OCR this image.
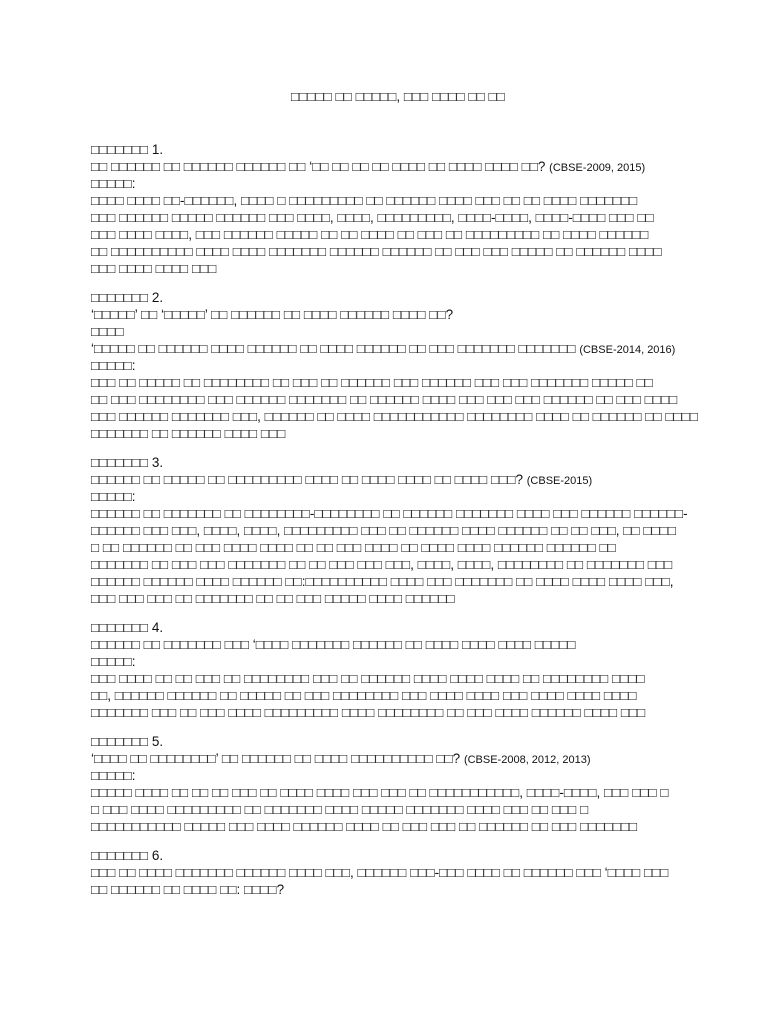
□□□□□ □□ □□□□□, □□□ □□□□ □□ □□
□□□□□□□ 1.
□□ □□□□□□ □□ □□□□□□ □□□□□□ □□ ‘□□ □□ □□ □□ □□□□ □□ □□□□ □□□□ □□? (CBSE-2009, 2015)
□□□□□:
□□□□ □□□□ □□-□□□□□□, □□□□ □ □□□□□□□□□ □□ □□□□□□ □□□□ □□□ □□ □□ □□□□ □□□□□□□
□□□ □□□□□□ □□□□□ □□□□□□ □□□ □□□□, □□□□, □□□□□□□□□, □□□□-□□□□, □□□□-□□□□ □□□ □□
□□□ □□□□ □□□□, □□□ □□□□□□ □□□□□ □□ □□ □□□□ □□ □□□ □□ □□□□□□□□□ □□ □□□□ □□□□□□
□□ □□□□□□□□□□ □□□□ □□□□ □□□□□□□ □□□□□□ □□□□□□ □□ □□□ □□□ □□□□□ □□ □□□□□□ □□□□
□□□ □□□□ □□□□ □□□
□□□□□□□ 2.
‘□□□□□’ □□ ‘□□□□□’ □□ □□□□□□ □□ □□□□ □□□□□□ □□□□ □□?
□□□□
‘□□□□□ □□ □□□□□□ □□□□ □□□□□□ □□ □□□□ □□□□□□ □□ □□□ □□□□□□□ □□□□□□□ (CBSE-2014, 2016)
□□□□□:
□□□ □□ □□□□□ □□ □□□□□□□□ □□ □□□ □□ □□□□□□ □□□ □□□□□□ □□□ □□□ □□□□□□□ □□□□□ □□
□□ □□□ □□□□□□□□ □□□ □□□□□□ □□□□□□□ □□ □□□□□□ □□□□ □□□ □□□ □□□ □□□□□□ □□ □□□ □□□□
□□□ □□□□□□ □□□□□□□ □□□, □□□□□□ □□ □□□□ □□□□□□□□□□□ □□□□□□□□ □□□□ □□ □□□□□□ □□ □□□□
□□□□□□□ □□ □□□□□□ □□□□ □□□
□□□□□□□ 3.
□□□□□□ □□ □□□□□ □□ □□□□□□□□□ □□□□ □□ □□□□ □□□□ □□ □□□□ □□□? (CBSE-2015)
□□□□□:
□□□□□□ □□ □□□□□□□ □□ □□□□□□□□-□□□□□□□□ □□ □□□□□□ □□□□□□□ □□□□ □□□ □□□□□□ □□□□□□-
□□□□□□ □□□ □□□, □□□□, □□□□, □□□□□□□□□ □□□ □□ □□□□□□ □□□□ □□□□□□ □□ □□ □□□, □□ □□□□
□ □□ □□□□□□ □□ □□□ □□□□ □□□□ □□ □□ □□□ □□□□ □□ □□□□ □□□□ □□□□□□ □□□□□□ □□
□□□□□□□ □□ □□□ □□□ □□□□□□□ □□ □□ □□□ □□□ □□□, □□□□, □□□□, □□□□□□□□ □□ □□□□□□□ □□□
□□□□□□ □□□□□□ □□□□ □□□□□□ □□:□□□□□□□□□□ □□□□ □□□ □□□□□□□ □□ □□□□ □□□□ □□□□ □□□,
□□□ □□□ □□□ □□ □□□□□□□ □□ □□ □□□ □□□□□ □□□□ □□□□□□
□□□□□□□ 4.
□□□□□□ □□ □□□□□□□ □□□ ‘□□□□ □□□□□□□ □□□□□□ □□ □□□□ □□□□ □□□□ □□□□□
□□□□□:
□□□ □□□□ □□ □□ □□□ □□ □□□□□□□□ □□□ □□ □□□□□□ □□□□ □□□□ □□□□ □□ □□□□□□□□ □□□□
□□, □□□□□□ □□□□□□ □□ □□□□□ □□ □□□ □□□□□□□□ □□□ □□□□ □□□□ □□□ □□□□ □□□□ □□□□
□□□□□□□ □□□ □□ □□□ □□□□ □□□□□□□□□ □□□□ □□□□□□□□ □□ □□□ □□□□ □□□□□□ □□□□ □□□
□□□□□□□ 5.
‘□□□□ □□ □□□□□□□□’ □□ □□□□□□ □□ □□□□ □□□□□□□□□□ □□? (CBSE-2008, 2012, 2013)
□□□□□:
□□□□□ □□□□ □□ □□ □□ □□□ □□ □□□□ □□□□ □□□ □□□ □□ □□□□□□□□□□□, □□□□-□□□□, □□□ □□□ □
□ □□□ □□□□ □□□□□□□□□ □□ □□□□□□□ □□□□ □□□□□ □□□□□□□ □□□□ □□□ □□ □□□ □
□□□□□□□□□□□ □□□□□ □□□ □□□□ □□□□□□ □□□□ □□ □□□ □□□ □□ □□□□□□ □□ □□□ □□□□□□□
□□□□□□□ 6.
□□□ □□ □□□□ □□□□□□□ □□□□□□ □□□□ □□□, □□□□□□ □□□-□□□ □□□□ □□ □□□□□□ □□□ ‘□□□□ □□□
□□ □□□□□□ □□ □□□□ □□: □□□□?
